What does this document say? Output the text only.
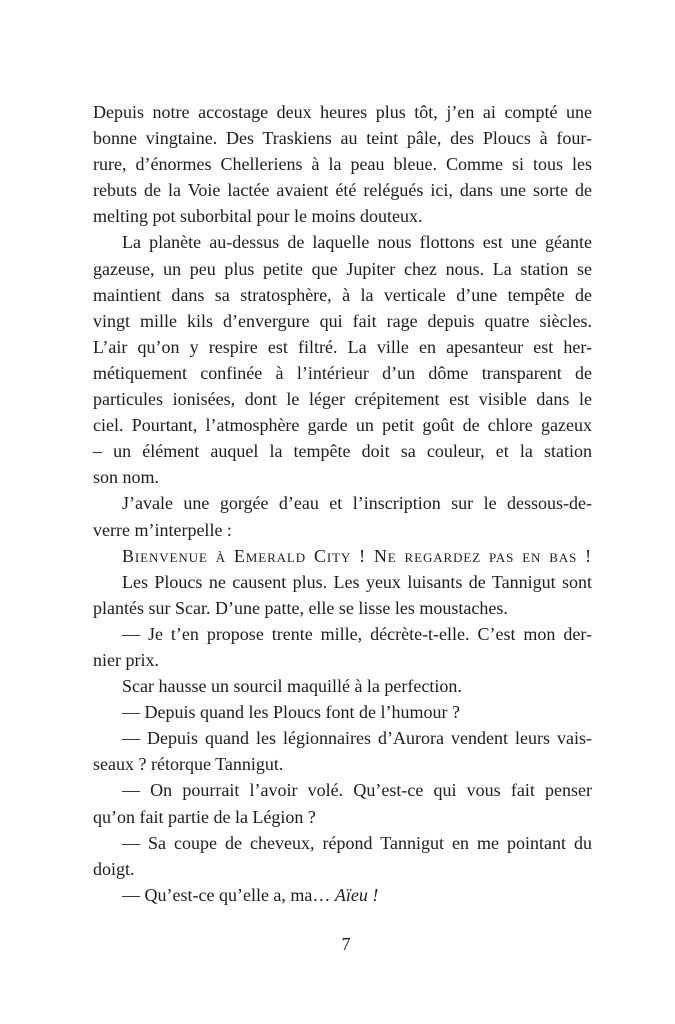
Depuis notre accostage deux heures plus tôt, j’en ai compté une
bonne vingtaine. Des Traskiens au teint pâle, des Ploucs à four-
rure, d’énormes Chelleriens à la peau bleue. Comme si tous les
rebuts de la Voie lactée avaient été relégués ici, dans une sorte de
melting pot suborbital pour le moins douteux.
La planète au-dessus de laquelle nous flottons est une géante
gazeuse, un peu plus petite que Jupiter chez nous. La station se
maintient dans sa stratosphère, à la verticale d’une tempête de
vingt mille kils d’envergure qui fait rage depuis quatre siècles.
L’air qu’on y respire est filtré. La ville en apesanteur est her-
métiquement confinée à l’intérieur d’un dôme transparent de
particules ionisées, dont le léger crépitement est visible dans le
ciel. Pourtant, l’atmosphère garde un petit goût de chlore gazeux
– un élément auquel la tempête doit sa couleur, et la station
son nom.
J’avale une gorgée d’eau et l’inscription sur le dessous-de-
verre m’interpelle :
Bienvenue à Emerald City ! Ne regardez pas en bas !
Les Ploucs ne causent plus. Les yeux luisants de Tannigut sont
plantés sur Scar. D’une patte, elle se lisse les moustaches.
— Je t’en propose trente mille, décrète-t-elle. C’est mon der-
nier prix.
Scar hausse un sourcil maquillé à la perfection.
— Depuis quand les Ploucs font de l’humour ?
— Depuis quand les légionnaires d’Aurora vendent leurs vais-
seaux ? rétorque Tannigut.
— On pourrait l’avoir volé. Qu’est-ce qui vous fait penser
qu’on fait partie de la Légion ?
— Sa coupe de cheveux, répond Tannigut en me pointant du
doigt.
— Qu’est-ce qu’elle a, ma… Aïeu !
7
